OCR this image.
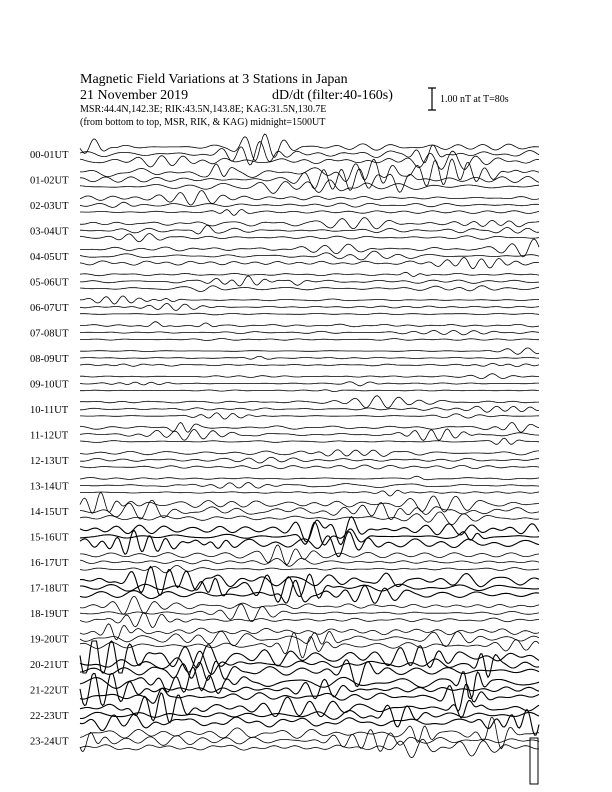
Magnetic Field Variations at 3 Stations in Japan
21 November 2019	dD/dt (filter:40-160s)
MSR:44.4N,142.3E; RIK:43.5N,143.8E; KAG:31.5N,130.7E
(from bottom to top, MSR, RIK, & KAG) midnight=1500UT
1.00 nT at T=80s
00-01UT
01-02UT
02-03UT
03-04UT
04-05UT
05-06UT
06-07UT
07-08UT
08-09UT
09-10UT
10-11UT
11-12UT
12-13UT
13-14UT
14-15UT
15-16UT
16-17UT
17-18UT
18-19UT
19-20UT
20-21UT
21-22UT
22-23UT
23-24UT
